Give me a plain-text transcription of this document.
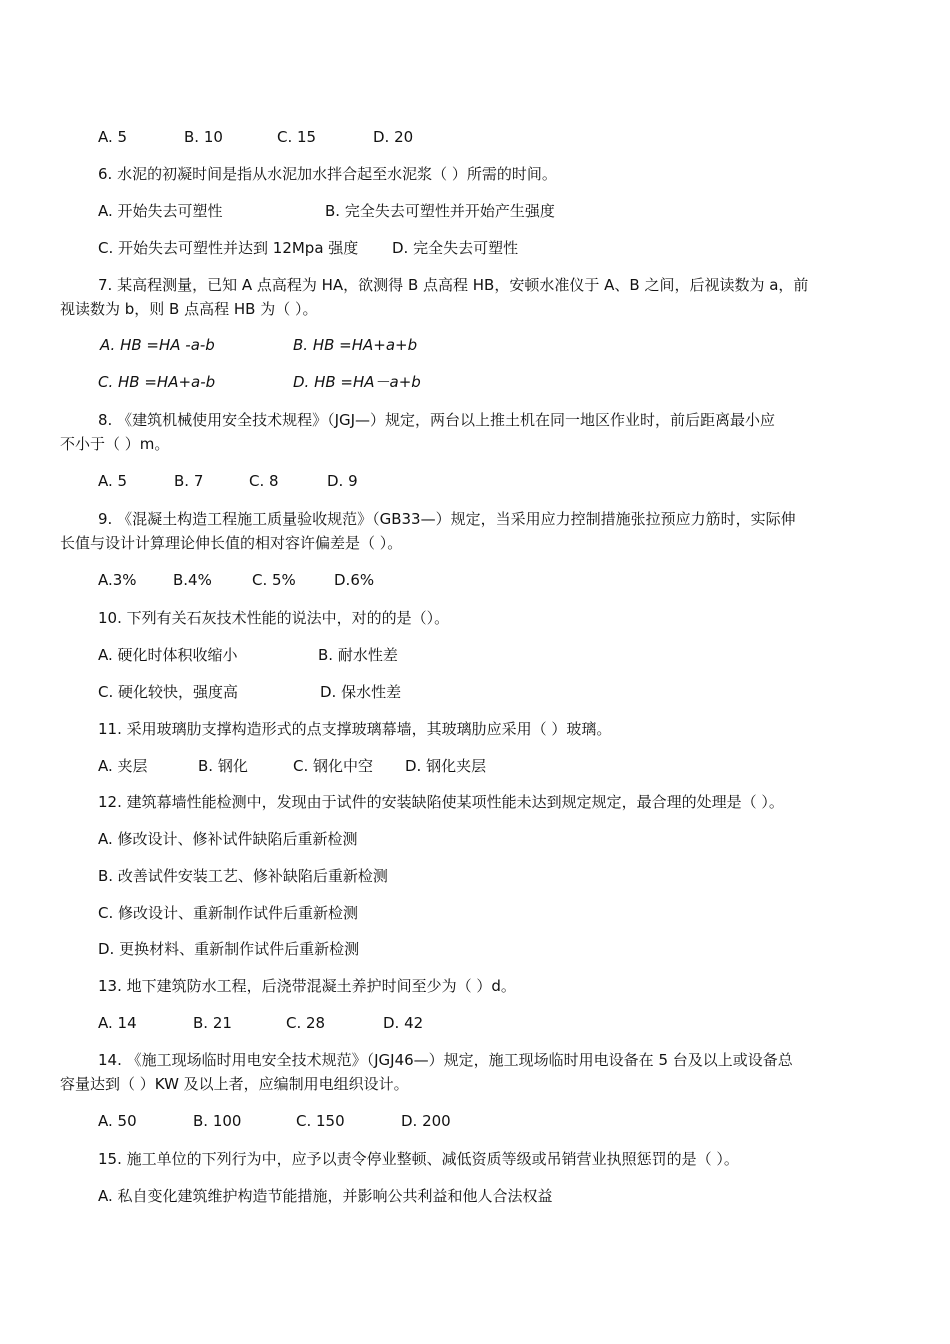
A. 5	B. 10	C. 15	D. 20
6. 水泥的初凝时间是指从水泥加水拌合起至水泥浆（ ）所需的时间。
A. 开始失去可塑性	B. 完全失去可塑性并开始产生强度
C. 开始失去可塑性并达到 12Mpa 强度 D. 完全失去可塑性
7. 某高程测量，已知 A 点高程为 HA，欲测得 B 点高程 HB，安顿水准仪于 A、B 之间，后视读数为 a，前
视读数为 b，则 B 点高程 HB 为（ ）。
A. HB =HA -a-b	B. HB =HA+a+b
C. HB =HA+a-b	D. HB =HA－a+b
8. 《建筑机械使用安全技术规程》（JGJ—）规定，两台以上推土机在同一地区作业时，前后距离最小应
不小于（ ）m。
A. 5	B. 7	C. 8	D. 9
9. 《混凝土构造工程施工质量验收规范》（GB33—）规定，当采用应力控制措施张拉预应力筋时，实际伸
长值与设计计算理论伸长值的相对容许偏差是（ ）。
A.3% B.4%	C. 5%	D.6%
10. 下列有关石灰技术性能的说法中，对的的是（）。
A. 硬化时体积收缩小	B. 耐水性差
C. 硬化较快，强度高	D. 保水性差
11. 采用玻璃肋支撑构造形式的点支撑玻璃幕墙，其玻璃肋应采用（ ）玻璃。
A. 夹层	B. 钢化	C. 钢化中空 D. 钢化夹层
12. 建筑幕墙性能检测中，发现由于试件的安装缺陷使某项性能未达到规定规定，最合理的处理是（ ）。
A. 修改设计、修补试件缺陷后重新检测
B. 改善试件安装工艺、修补缺陷后重新检测
C. 修改设计、重新制作试件后重新检测
D. 更换材料、重新制作试件后重新检测
13. 地下建筑防水工程，后浇带混凝土养护时间至少为（ ）d。
A. 14	B. 21	C. 28	D. 42
14. 《施工现场临时用电安全技术规范》（JGJ46—）规定，施工现场临时用电设备在 5 台及以上或设备总
容量达到（ ）KW 及以上者，应编制用电组织设计。
A. 50	B. 100	C. 150	D. 200
15. 施工单位的下列行为中，应予以责令停业整顿、减低资质等级或吊销营业执照惩罚的是（ ）。
A. 私自变化建筑维护构造节能措施，并影响公共利益和他人合法权益
